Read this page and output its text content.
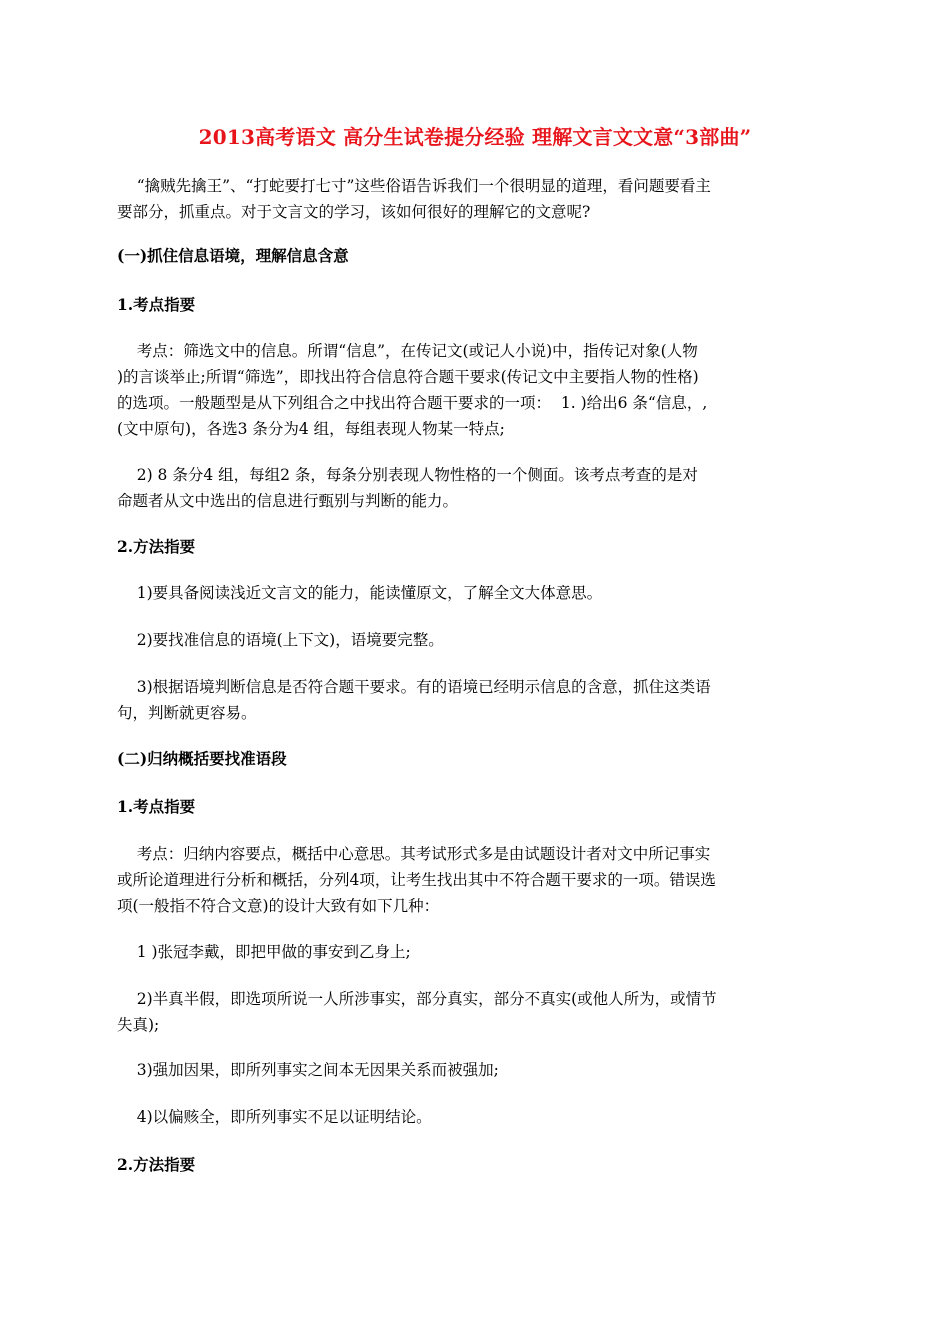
2013高考语文 高分生试卷提分经验 理解文言文文意“3部曲”
“擒贼先擒王”、“打蛇要打七寸”这些俗语告诉我们一个很明显的道理，看问题要看主
要部分，抓重点。对于文言文的学习，该如何很好的理解它的文意呢?
(一)抓住信息语境，理解信息含意
1.考点指要
考点：筛选文中的信息。所谓“信息”，在传记文(或记人小说)中，指传记对象(人物
)的言谈举止;所谓“筛选”，即找出符合信息符合题干要求(传记文中主要指人物的性格)
的选项。一般题型是从下列组合之中找出符合题干要求的一项：  1. )给出6 条“信息，,
(文中原句)，各选3 条分为4 组，每组表现人物某一特点;
2) 8 条分4 组，每组2 条，每条分别表现人物性格的一个侧面。该考点考查的是对
命题者从文中选出的信息进行甄别与判断的能力。
2.方法指要
1)要具备阅读浅近文言文的能力，能读懂原文，了解全文大体意思。
2)要找准信息的语境(上下文)，语境要完整。
3)根据语境判断信息是否符合题干要求。有的语境已经明示信息的含意，抓住这类语
句，判断就更容易。
(二)归纳概括要找准语段
1.考点指要
考点：归纳内容要点，概括中心意思。其考试形式多是由试题设计者对文中所记事实
或所论道理进行分析和概括，分列4项，让考生找出其中不符合题干要求的一项。错误选
项(一般指不符合文意)的设计大致有如下几种：
1 )张冠李戴，即把甲做的事安到乙身上;
2)半真半假，即选项所说一人所涉事实，部分真实，部分不真实(或他人所为，或情节
失真);
3)强加因果，即所列事实之间本无因果关系而被强加;
4)以偏赅全，即所列事实不足以证明结论。
2.方法指要
